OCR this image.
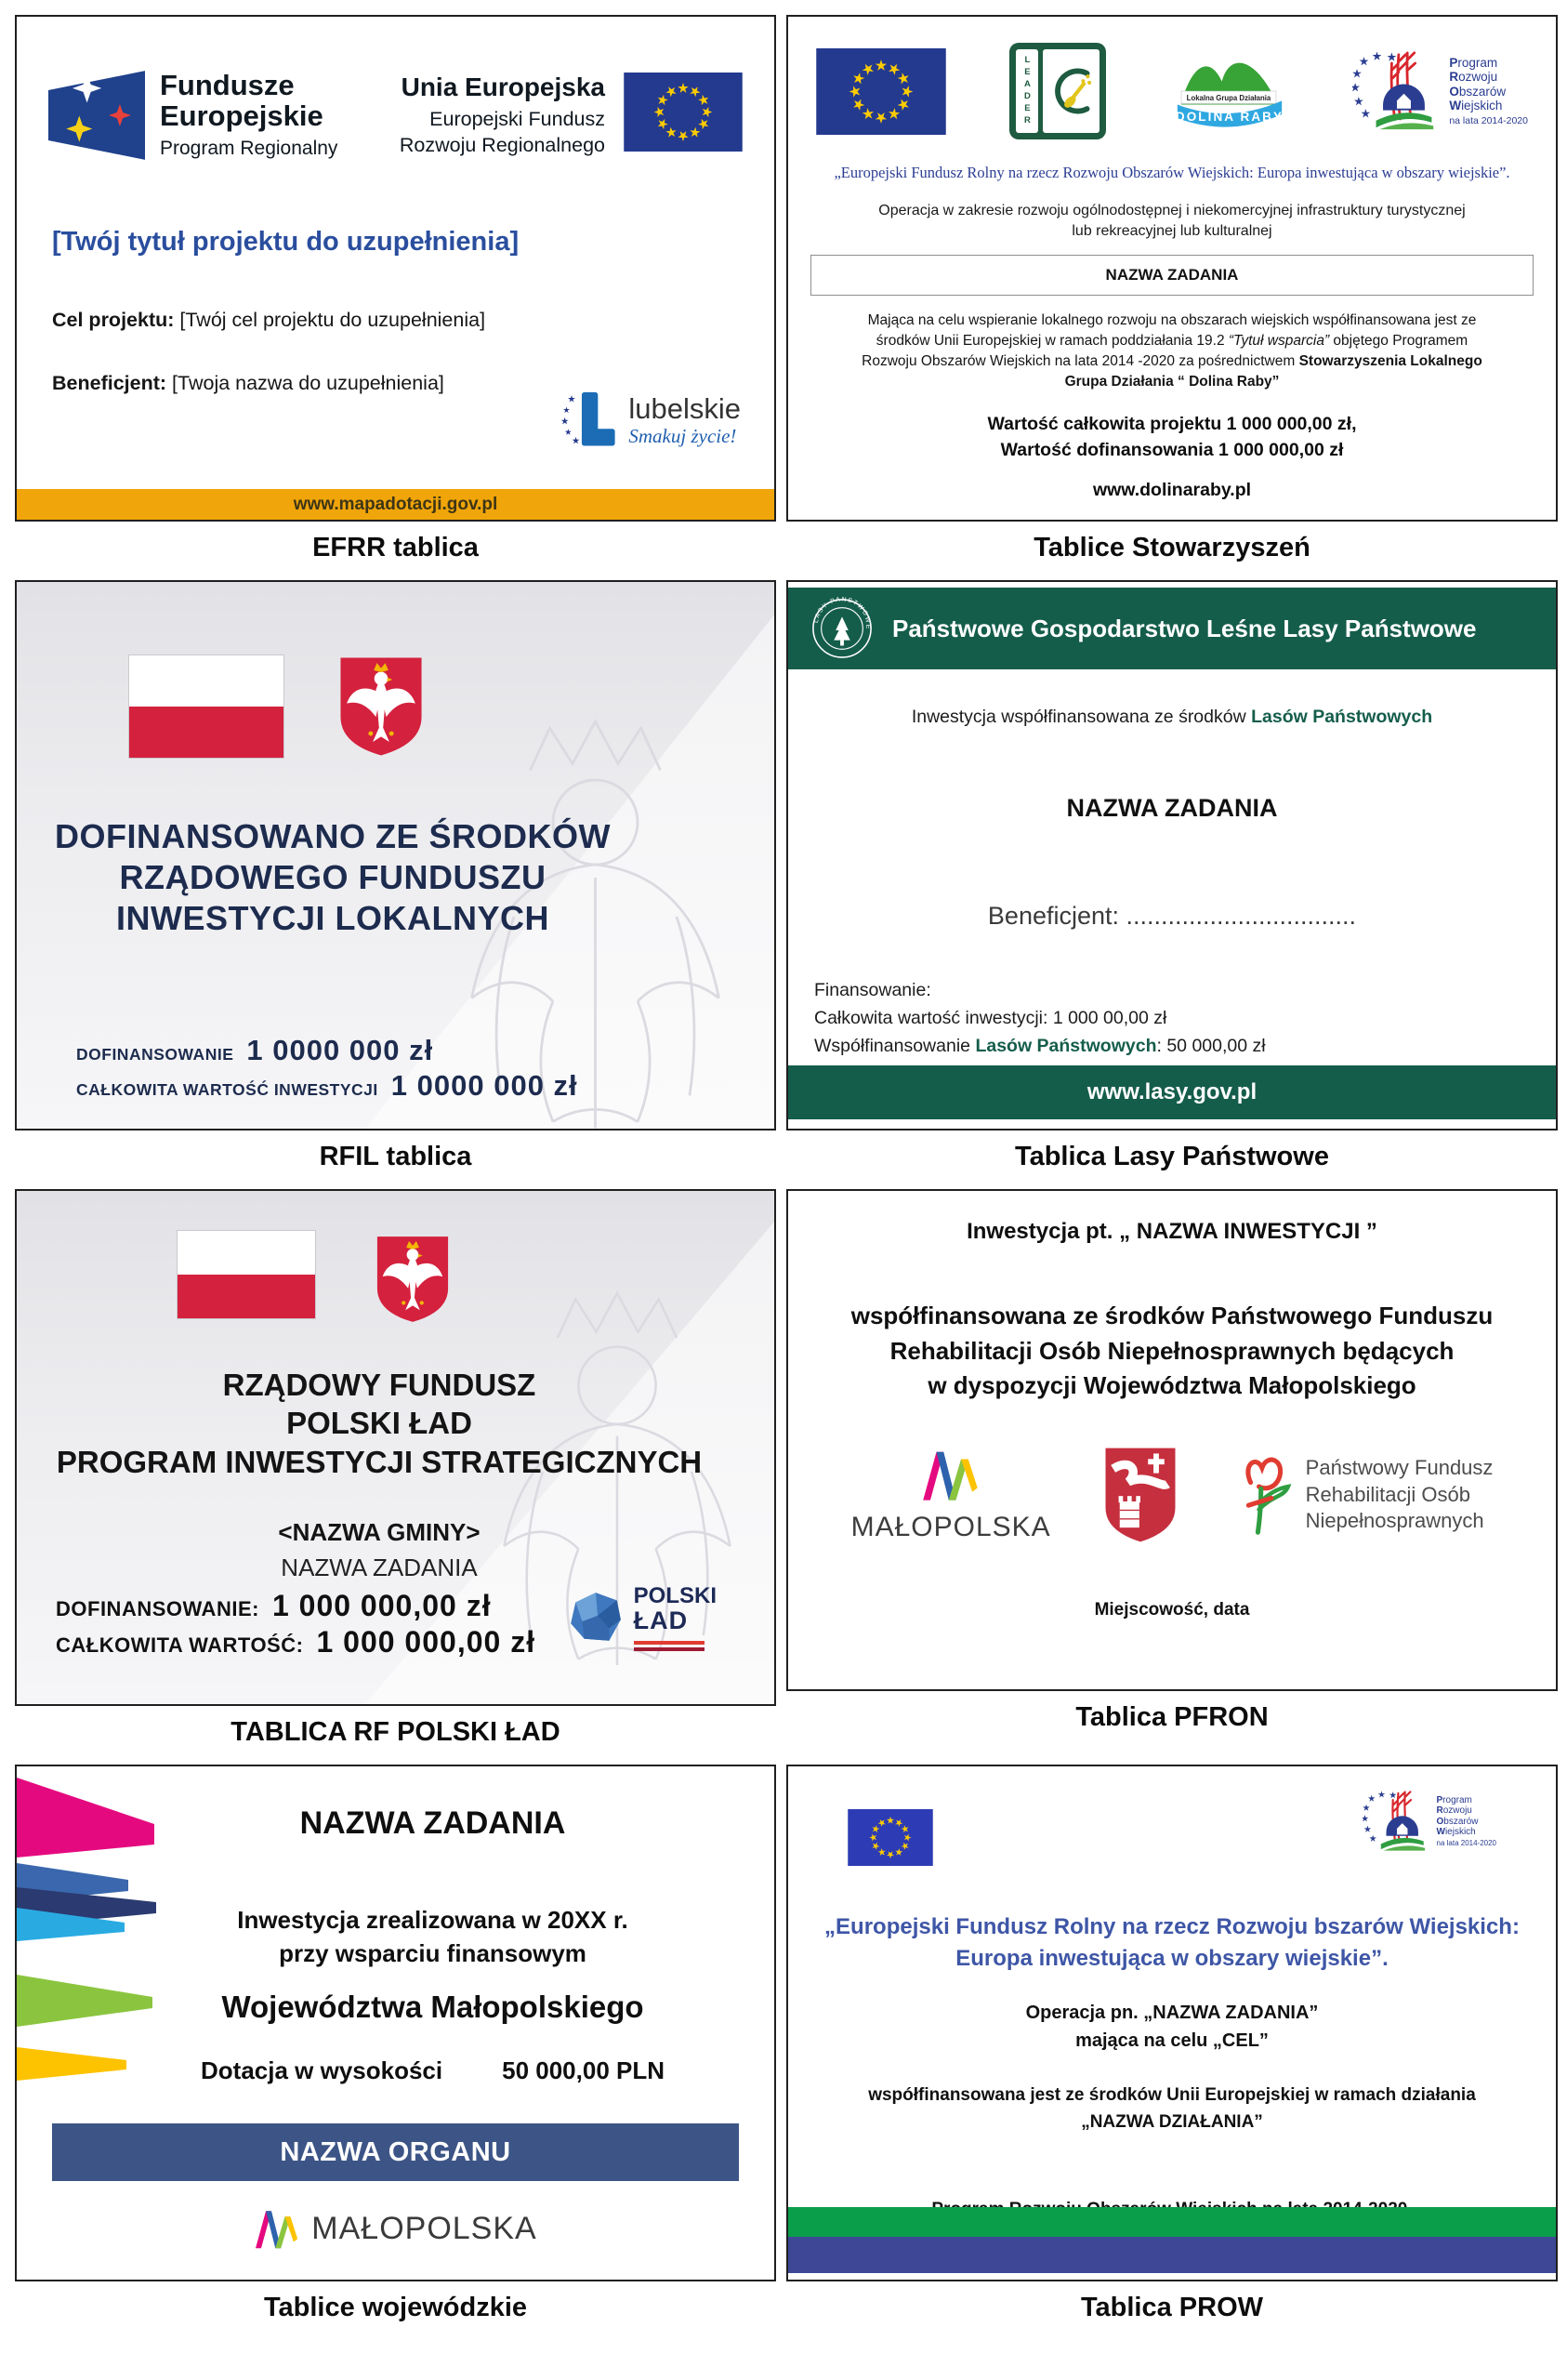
Fundusze
Europejskie
Program Regionalny
Unia Europejska
Europejski Fundusz
Rozwoju Regionalnego
[Twój tytuł projektu do uzupełnienia]
Cel projektu: [Twój cel projektu do uzupełnienia]
Beneficjent: [Twoja nazwa do uzupełnienia]
lubelskie
Smakuj życie!
www.mapadotacji.gov.pl
EFRR tablica
LEADER	Lokalna Grupa Działania
DOLINA RABY
Program
Rozwoju
Obszarów
Wiejskich
na lata 2014-2020
„Europejski Fundusz Rolny na rzecz Rozwoju Obszarów Wiejskich: Europa inwestująca w obszary wiejskie”.
Operacja w zakresie rozwoju ogólnodostępnej i niekomercyjnej infrastruktury turystycznej lub rekreacyjnej lub kulturalnej
NAZWA ZADANIA
Mająca na celu wspieranie lokalnego rozwoju na obszarach wiejskich współfinansowana jest ze środków Unii Europejskiej w ramach poddziałania 19.2 “Tytuł wsparcia” objętego Programem Rozwoju Obszarów Wiejskich na lata 2014 -2020 za pośrednictwem Stowarzyszenia Lokalnego Grupa Działania “ Dolina Raby”
Wartość całkowita projektu 1 000 000,00 zł,
Wartość dofinansowania 1 000 000,00 zł
www.dolinaraby.pl
Tablice Stowarzyszeń
DOFINANSOWANO ZE ŚRODKÓW
RZĄDOWEGO FUNDUSZU
INWESTYCJI LOKALNYCH
DOFINANSOWANIE 1 0000 000 zł
CAŁKOWITA WARTOŚĆ INWESTYCJI 1 0000 000 zł
RFIL tablica
LASY PAŃSTWOWE Państwowe Gospodarstwo Leśne Lasy Państwowe
Inwestycja współfinansowana ze środków Lasów Państwowych
NAZWA ZADANIA
Beneficjent: .................................
Finansowanie:
Całkowita wartość inwestycji: 1 000 00,00 zł
Współfinansowanie Lasów Państwowych: 50 000,00 zł
www.lasy.gov.pl
Tablica Lasy Państwowe
RZĄDOWY FUNDUSZ
POLSKI ŁAD
PROGRAM INWESTYCJI STRATEGICZNYCH
<NAZWA GMINY>
NAZWA ZADANIA
DOFINANSOWANIE: 1 000 000,00 zł
CAŁKOWITA WARTOŚĆ: 1 000 000,00 zł
POLSKI
ŁAD
TABLICA RF POLSKI ŁAD
Inwestycja pt. „ NAZWA INWESTYCJI ”
współfinansowana ze środków Państwowego Funduszu
Rehabilitacji Osób Niepełnosprawnych będących
w dyspozycji Województwa Małopolskiego
MAŁOPOLSKA
Państwowy Fundusz
Rehabilitacji Osób
Niepełnosprawnych
Miejscowość, data
Tablica PFRON
NAZWA ZADANIA
Inwestycja zrealizowana w 20XX r.
przy wsparciu finansowym
Województwa Małopolskiego
Dotacja w wysokości 50 000,00 PLN
NAZWA ORGANU
MAŁOPOLSKA
Tablice wojewódzkie
Program
Rozwoju
Obszarów
Wiejskich
na lata 2014-2020
„Europejski Fundusz Rolny na rzecz Rozwoju bszarów Wiejskich:
Europa inwestująca w obszary wiejskie”.
Operacja pn. „NAZWA ZADANIA”
mająca na celu „CEL”
współfinansowana jest ze środków Unii Europejskiej w ramach działania
„NAZWA DZIAŁANIA”
Tablica PROW
